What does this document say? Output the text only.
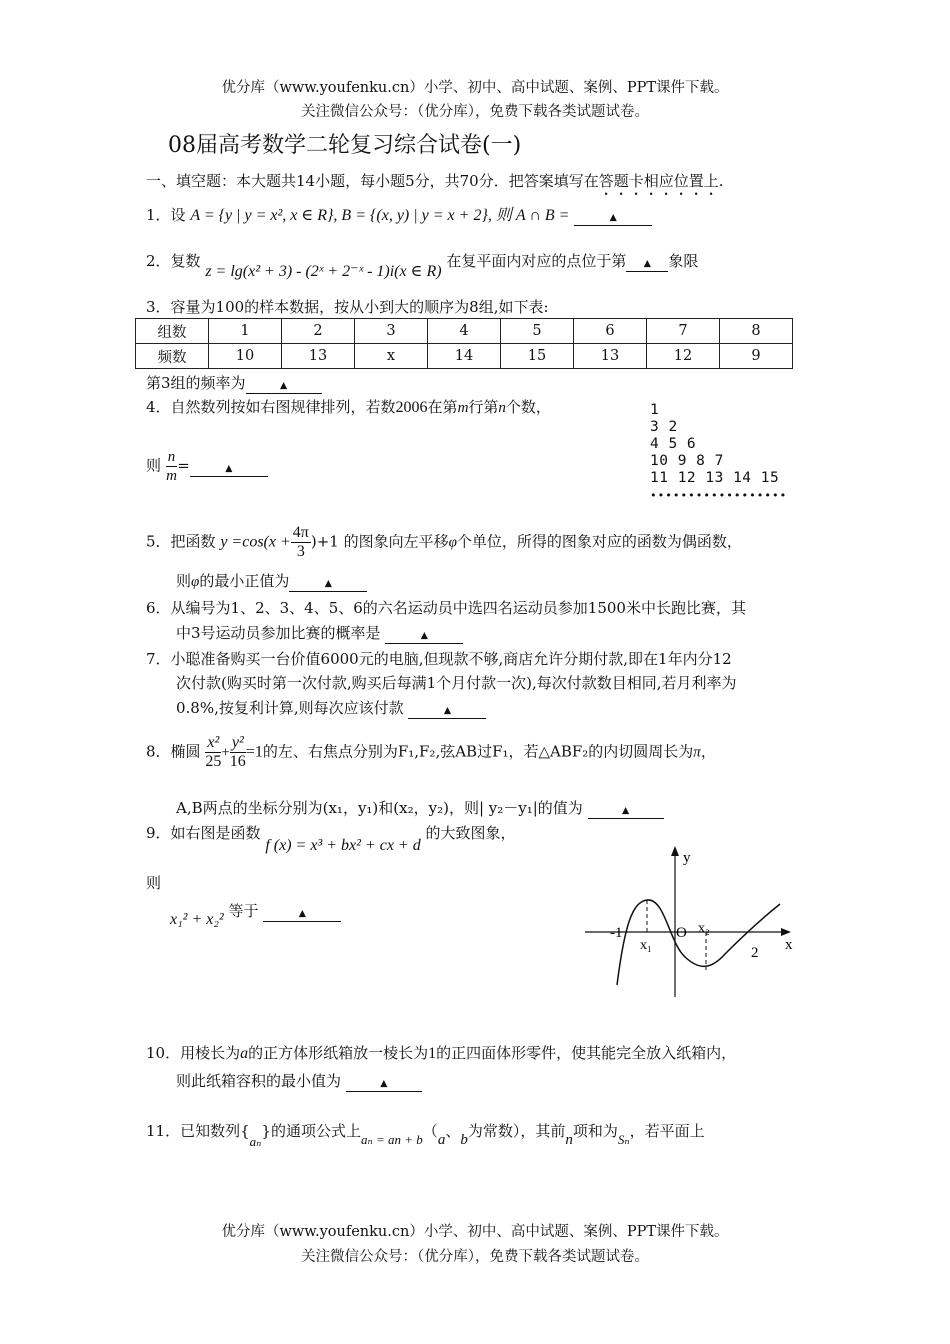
优分库（www.youfenku.cn）小学、初中、高中试题、案例、PPT课件下载。
关注微信公众号：（优分库），免费下载各类试题试卷。
08届高考数学二轮复习综合试卷(一)
一、填空题：本大题共14小题，每小题5分，共70分．把答案填写在答题卡相应位置上.
1．设 A = {y | y = x², x ∈ R}, B = {(x, y) | y = x + 2}, 则 A ∩ B =	▲
2．复数 z = lg(x² + 3) - (2ˣ + 2⁻ˣ - 1)i(x ∈ R) 在复平面内对应的点位于第 ▲ 象限
3．容量为100的样本数据，按从小到大的顺序为8组,如下表:
组数	1	2	3	4	5	6	7	8
频数	10	13	x	14	15	13	12	9
第3组的频率为	▲
4．自然数列按如右图规律排列，若数2006在第m行第n个数，
则 $\frac{n}{m}$ =	▲
1
3 2
4 5 6
10 9 8 7
11 12 13 14 15
••••••••••••••••••
5．把函数 $y =\cos(x + \frac{4\pi}{3} )+1$ 的图象向左平移φ个单位，所得的图象对应的函数为偶函数，
则φ的最小正值为	▲
6．从编号为1、2、3、4、5、6的六名运动员中选四名运动员参加1500米中长跑比赛，其
中3号运动员参加比赛的概率是	▲
7．小聪准备购买一台价值6000元的电脑,但现款不够,商店允许分期付款,即在1年内分12
次付款(购买时第一次付款,购买后每满1个月付款一次),每次付款数目相同,若月利率为
0.8%,按复利计算,则每次应该付款	▲
8．椭圆 $\frac{\text{x²}}{25} + \frac{\text{y²}}{16} =1$的左、右焦点分别为F₁,F₂,弦AB过F₁，若△ABF₂的内切圆周长为π，
A,B两点的坐标分别为(x₁，y₁)和(x₂，y₂)，则| y₂－y₁|的值为	▲
9．如右图是函数 f (x) = x³ + bx² + cx + d 的大致图象，
则
x₁² + x₂² 等于	▲
y
x
-1	O
x₁
x₂
2
10．用棱长为a的正方体形纸箱放一棱长为1的正四面体形零件，使其能完全放入纸箱内，
则此纸箱容积的最小值为	▲
11．已知数列{aₙ}的通项公式上aₙ = an + b（a、b为常数），其前n项和为Sₙ，若平面上
优分库（www.youfenku.cn）小学、初中、高中试题、案例、PPT课件下载。
关注微信公众号：（优分库），免费下载各类试题试卷。
